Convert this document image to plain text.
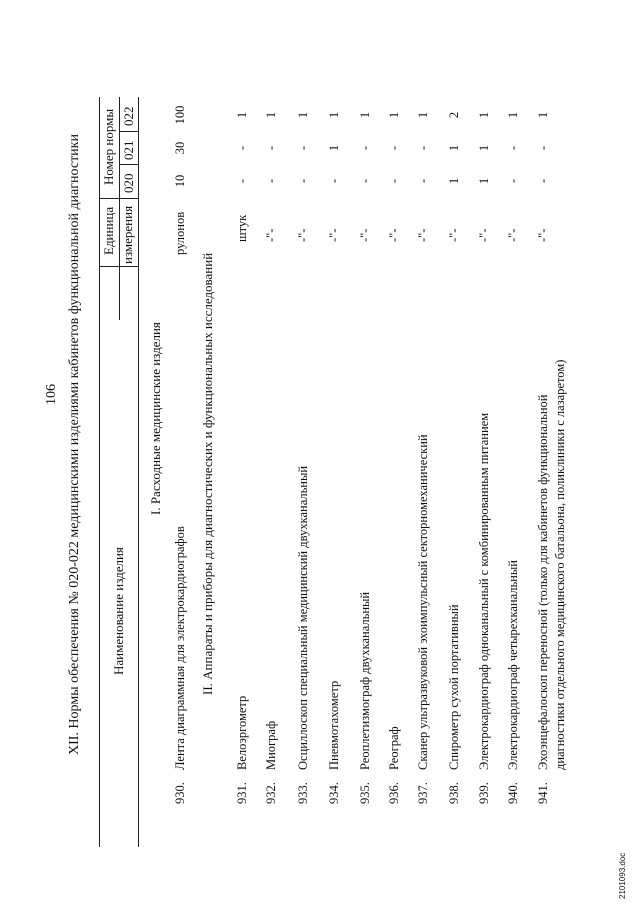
106 XII. Нормы обеспечения № 020-022 медицинскими изделиями кабинетов функциональной диагностики Наименование изделия
Единица измерения
Номер нормы 020
021
022
I. Расходные медицинские изделия
930.
Лента диаграммная для электрокардиографов
рулонов
10
30
100
II. Аппараты и приборы для диагностических и функциональных исследований
931.
Велоэргометр
штук
-
-
1
932.
Миограф
-"-
-
-
1
933.
Осциллоскоп специальный медицинский двухканальный
-"-
-
-
1
934.
Пневмотахометр
-"-
-
1
1
935.
Реоплетизмограф двухканальный
-"-
-
-
1
936.
Реограф
-"-
-
-
1
937.
Сканер ультразвуковой эхоимпульсный секторномеханический
-"-
-
-
1
938.
Спирометр сухой портативный
-"-
1
1
2
939.
Электрокардиограф одноканальный с комбинированным питанием
-"-
1
1
1
940.
Электрокардиограф четырехканальный
-"-
-
-
1
941.
Эхоэнцефалоскоп переносной (только для кабинетов функциональной диагностики отдельного медицинского батальона, поликлиники с лазаретом)
-"-
-
-
1
2101093.doc
